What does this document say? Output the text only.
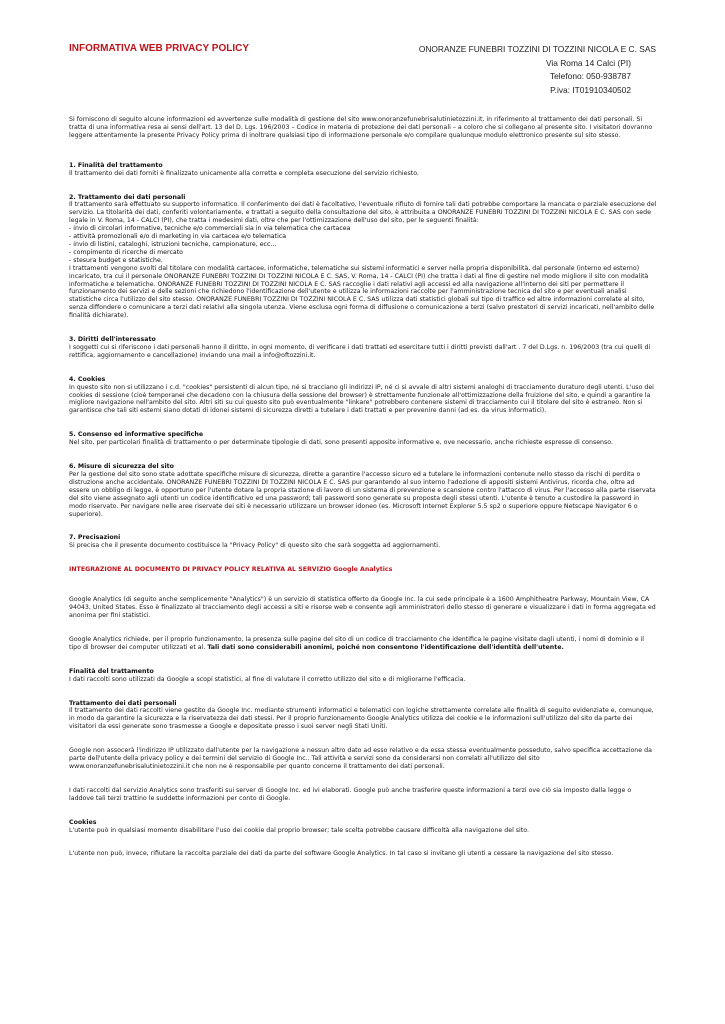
INFORMATIVA WEB PRIVACY POLICY	ONORANZE FUNEBRI TOZZINI DI TOZZINI NICOLA E C. SAS
Via Roma 14 Calci (PI)
Telefono: 050-938787
P.iva: IT01910340502

Si forniscono di seguito alcune informazioni ed avvertenze sulle modalità di gestione del sito www.onoranzefunebrisalutinietozzini.it, in riferimento al trattamento dei dati personali. Si tratta di una informativa resa ai sensi dell'art. 13 del D. Lgs. 196/2003 – Codice in materia di protezione dei dati personali – a coloro che si collegano al presente sito. I visitatori dovranno leggere attentamente la presente Privacy Policy prima di inoltrare qualsiasi tipo di informazione personale e/o compilare qualunque modulo elettronico presente sul sito stesso.

1. Finalità del trattamento

Il trattamento dei dati forniti è finalizzato unicamente alla corretta e completa esecuzione del servizio richiesto.

2. Trattamento dei dati personali

Il trattamento sarà effettuato su supporto informatico. Il conferimento dei dati è facoltativo, l'eventuale rifiuto di fornire tali dati potrebbe comportare la mancata o parziale esecuzione del servizio. La titolarità dei dati, conferiti volontariamente, e trattati a seguito della consultazione del sito, è attribuita a ONORANZE FUNEBRI TOZZINI DI TOZZINI NICOLA E C. SAS con sede legale in V. Roma, 14 - CALCI (PI), che tratta i medesimi dati, oltre che per l'ottimizzazione dell'uso del sito, per le seguenti finalità:

- invio di circolari informative, tecniche e/o commerciali sia in via telematica che cartacea
- attività promozionali e/o di marketing in via cartacea e/o telematica
- invio di listini, cataloghi, istruzioni tecniche, campionature, ecc…
- compimento di ricerche di mercato
- stesura budget e statistiche.

I trattamenti vengono svolti dal titolare con modalità cartacee, informatiche, telematiche sui sistemi informatici e server nella propria disponibilità, dal personale (interno ed esterno) incaricato, tra cui il personale ONORANZE FUNEBRI TOZZINI DI TOZZINI NICOLA E C. SAS, V. Roma, 14 - CALCI (PI) che tratta i dati al fine di gestire nel modo migliore il sito con modalità informatiche e telematiche. ONORANZE FUNEBRI TOZZINI DI TOZZINI NICOLA E C. SAS raccoglie i dati relativi agli accessi ed alla navigazione all'interno dei siti per permettere il funzionamento dei servizi e delle sezioni che richiedono l'identificazione dell'utente e utilizza le informazioni raccolte per l'amministrazione tecnica del sito e per eventuali analisi statistiche circa l'utilizzo del sito stesso. ONORANZE FUNEBRI TOZZINI DI TOZZINI NICOLA E C. SAS utilizza dati statistici globali sul tipo di traffico ed altre informazioni correlate al sito, senza diffondere o comunicare a terzi dati relativi alla singola utenza. Viene esclusa ogni forma di diffusione o comunicazione a terzi (salvo prestatori di servizi incaricati, nell'ambito delle finalità dichiarate).

3. Diritti dell'interessato

I soggetti cui si riferiscono i dati personali hanno il diritto, in ogni momento, di verificare i dati trattati ed esercitare tutti i diritti previsti dall'art . 7 del D.Lgs. n. 196/2003 (tra cui quelli di rettifica, aggiornamento e cancellazione) inviando una mail a info@oftozzini.it.

4. Cookies

In questo sito non si utilizzano i c.d. "cookies" persistenti di alcun tipo, né si tracciano gli indirizzi IP, né ci si avvale di altri sistemi analoghi di tracciamento duraturo degli utenti. L'uso dei cookies di sessione (cioè temporanei che decadono con la chiusura della sessione del browser) è strettamente funzionale all'ottimizzazione della fruizione del sito, e quindi a garantire la migliore navigazione nell'ambito del sito. Altri siti su cui questo sito può eventualmente "linkare" potrebbero contenere sistemi di tracciamento cui il titolare del sito è estraneo. Non si garantisce che tali siti esterni siano dotati di idonei sistemi di sicurezza diretti a tutelare i dati trattati e per prevenire danni (ad es. da virus informatici).

5. Consenso ed informative specifiche

Nel sito, per particolari finalità di trattamento o per determinate tipologie di dati, sono presenti apposite informative e, ove necessario, anche richieste espresse di consenso.

6. Misure di sicurezza del sito

Per la gestione del sito sono state adottate specifiche misure di sicurezza, dirette a garantire l'accesso sicuro ed a tutelare le informazioni contenute nello stesso da rischi di perdita o distruzione anche accidentale. ONORANZE FUNEBRI TOZZINI DI TOZZINI NICOLA E C. SAS pur garantendo al suo interno l'adozione di appositi sistemi Antivirus, ricorda che, oltre ad essere un obbligo di legge, è opportuno per l'utente dotare la propria stazione di lavoro di un sistema di prevenzione e scansione contro l'attacco di virus. Per l'accesso alla parte riservata del sito viene assegnato agli utenti un codice identificativo ed una password; tali password sono generate su proposta degli stessi utenti. L'utente è tenuto a custodire la password in modo riservato. Per navigare nelle aree riservate dei siti è necessario utilizzare un browser idoneo (es. Microsoft Internet Explorer 5.5 sp2 o superiore oppure Netscape Navigator 6 o superiore).

7. Precisazioni

Si precisa che il presente documento costituisce la "Privacy Policy" di questo sito che sarà soggetta ad aggiornamenti.

INTEGRAZIONE AL DOCUMENTO DI PRIVACY POLICY RELATIVA AL SERVIZIO Google Analytics

Google Analytics (di seguito anche semplicemente "Analytics") è un servizio di statistica offerto da Google Inc. la cui sede principale è a 1600 Amphitheatre Parkway, Mountain View, CA 94043, United States. Esso è finalizzato al tracciamento degli accessi a siti e risorse web e consente agli amministratori dello stesso di generare e visualizzare i dati in forma aggregata ed anonima per fini statistici.

Google Analytics richiede, per il proprio funzionamento, la presenza sulle pagine del sito di un codice di tracciamento che identifica le pagine visitate dagli utenti, i nomi di dominio e il tipo di browser dei computer utilizzati et al. Tali dati sono considerabili anonimi, poiché non consentono l'identificazione dell'identità dell'utente.

Finalità del trattamento

I dati raccolti sono utilizzati da Google a scopi statistici, al fine di valutare il corretto utilizzo del sito e di migliorarne l'efficacia.

Trattamento dei dati personali

Il trattamento dei dati raccolti viene gestito da Google Inc. mediante strumenti informatici e telematici con logiche strettamente correlate alle finalità di seguito evidenziate e, comunque, in modo da garantire la sicurezza e la riservatezza dei dati stessi. Per il proprio funzionamento Google Analytics utilizza dei cookie e le informazioni sull'utilizzo del sito da parte dei visitatori da essi generate sono trasmesse a Google e depositate presso i suoi server negli Stati Uniti.

Google non assocerà l'indirizzo IP utilizzato dall'utente per la navigazione a nessun altro dato ad esso relativo e da essa stessa eventualmente posseduto, salvo specifica accettazione da parte dell'utente della privacy policy e dei termini del servizio di Google Inc.. Tali attività e servizi sono da considerarsi non correlati all'utilizzo del sito www.onoranzefunebrisalutinietozzini.it che non ne è responsabile per quanto concerne il trattamento dei dati personali.

I dati raccolti dal servizio Analytics sono trasferiti sui server di Google Inc. ed ivi elaborati. Google può anche trasferire queste informazioni a terzi ove ciò sia imposto dalla legge o laddove tali terzi trattino le suddette informazioni per conto di Google.

Cookies

L'utente può in qualsiasi momento disabilitare l'uso dei cookie dal proprio browser; tale scelta potrebbe causare difficoltà alla navigazione del sito.

L'utente non può, invece, rifiutare la raccolta parziale dei dati da parte del software Google Analytics. In tal caso si invitano gli utenti a cessare la navigazione del sito stesso.
